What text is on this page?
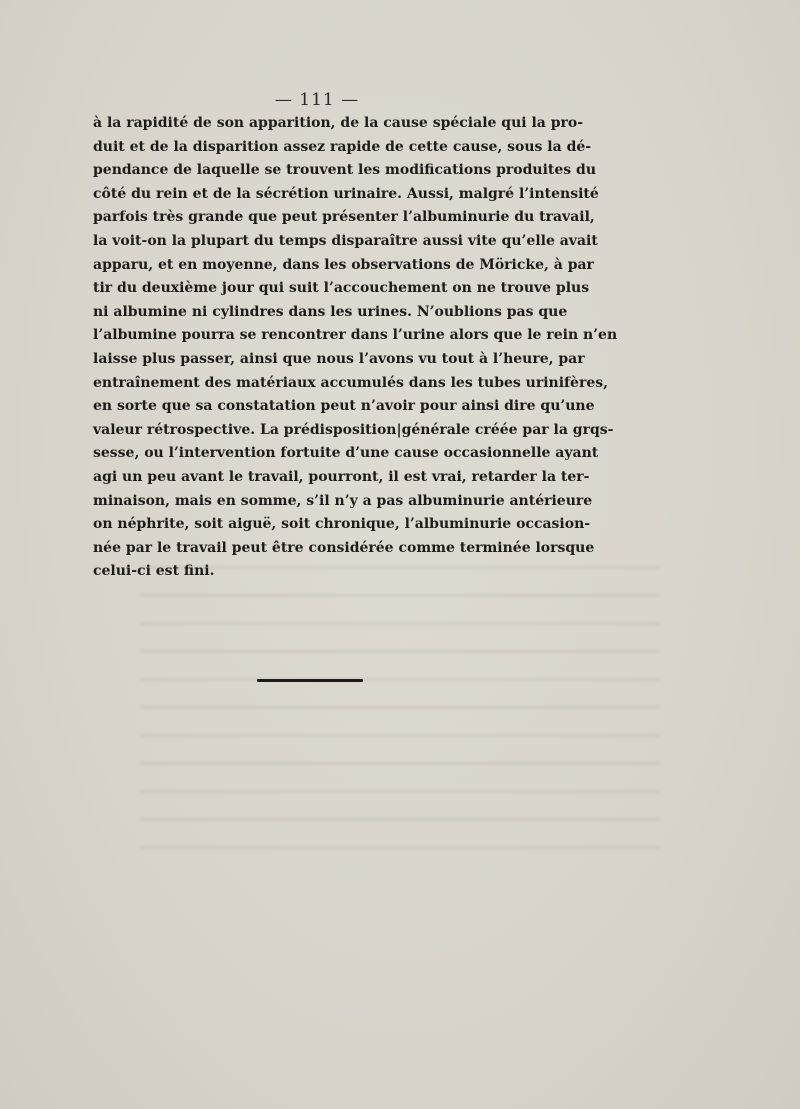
— 111 —
à la rapidité de son apparition, de la cause spéciale qui la pro-
duit et de la disparition assez rapide de cette cause, sous la dé-
pendance de laquelle se trouvent les modifications produites du
côté du rein et de la sécrétion urinaire. Aussi, malgré l’intensité
parfois très grande que peut présenter l’albuminurie du travail,
la voit-on la plupart du temps disparaître aussi vite qu’elle avait
apparu, et en moyenne, dans les observations de Möricke, à par
tir du deuxième jour qui suit l’accouchement on ne trouve plus
ni albumine ni cylindres dans les urines. N’oublions pas que
l’albumine pourra se rencontrer dans l’urine alors que le rein n’en
laisse plus passer, ainsi que nous l’avons vu tout à l’heure, par
entraînement des matériaux accumulés dans les tubes urinifères,
en sorte que sa constatation peut n’avoir pour ainsi dire qu’une
valeur rétrospective. La prédisposition|générale créée par la grqs-
sesse, ou l’intervention fortuite d’une cause occasionnelle ayant
agi un peu avant le travail, pourront, il est vrai, retarder la ter-
minaison, mais en somme, s’il n’y a pas albuminurie antérieure
on néphrite, soit aiguë, soit chronique, l’albuminurie occasion-
née par le travail peut être considérée comme terminée lorsque
celui-ci est fini.
